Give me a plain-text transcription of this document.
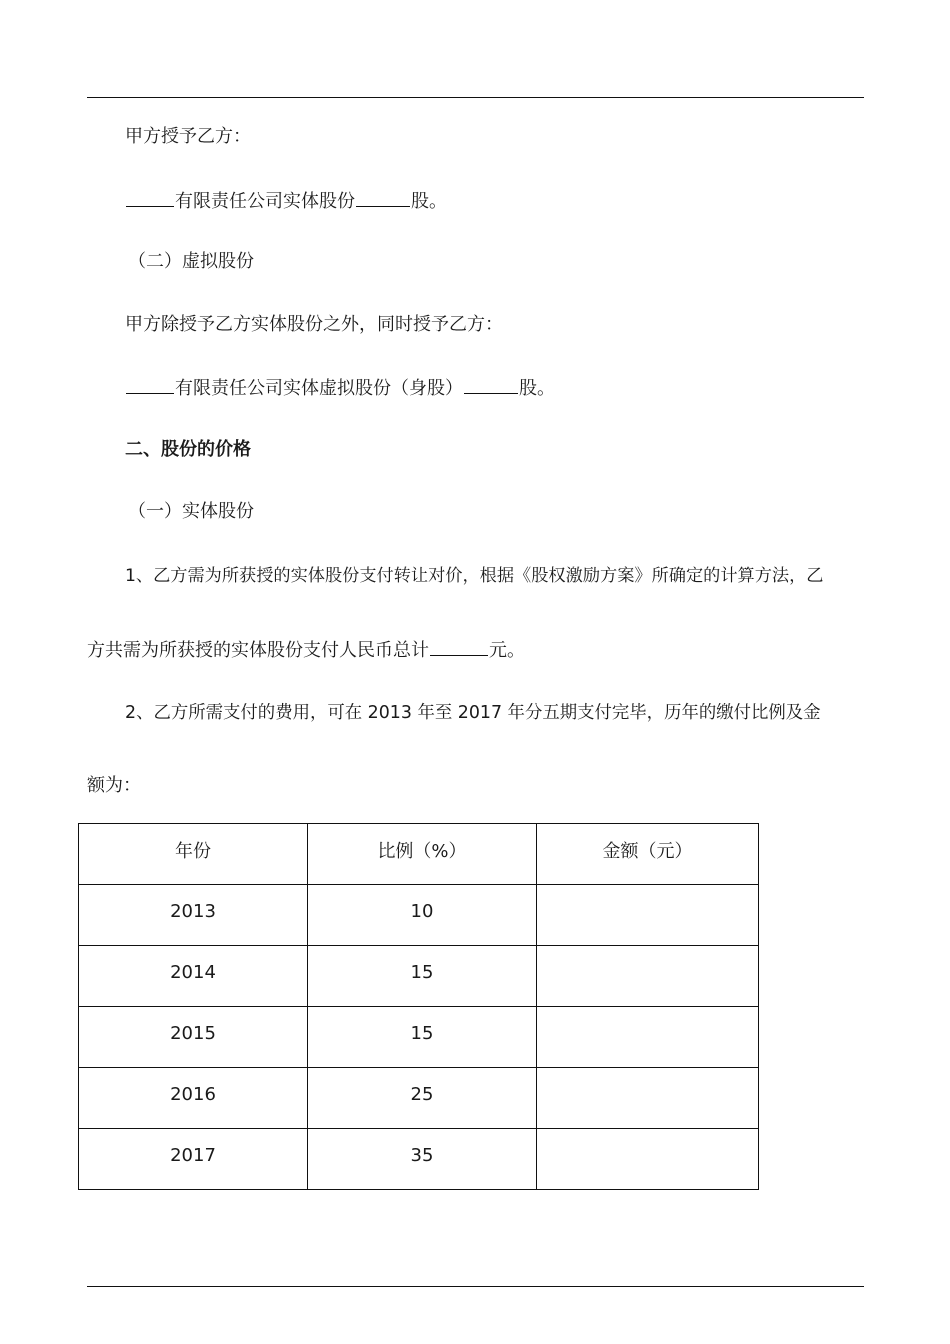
甲方授予乙方：
有限责任公司实体股份	股。
（二）虚拟股份
甲方除授予乙方实体股份之外，同时授予乙方：
有限责任公司实体虚拟股份（身股）	股。
二、股份的价格
（一）实体股份
1、乙方需为所获授的实体股份支付转让对价，根据《股权激励方案》所确定的计算方法，乙
方共需为所获授的实体股份支付人民币总计	元。
2、乙方所需支付的费用，可在 2013 年至 2017 年分五期支付完毕，历年的缴付比例及金
额为：
年份	比例（%）	金额（元）
2013	10	
2014	15	
2015	15	
2016	25	
2017	35	
